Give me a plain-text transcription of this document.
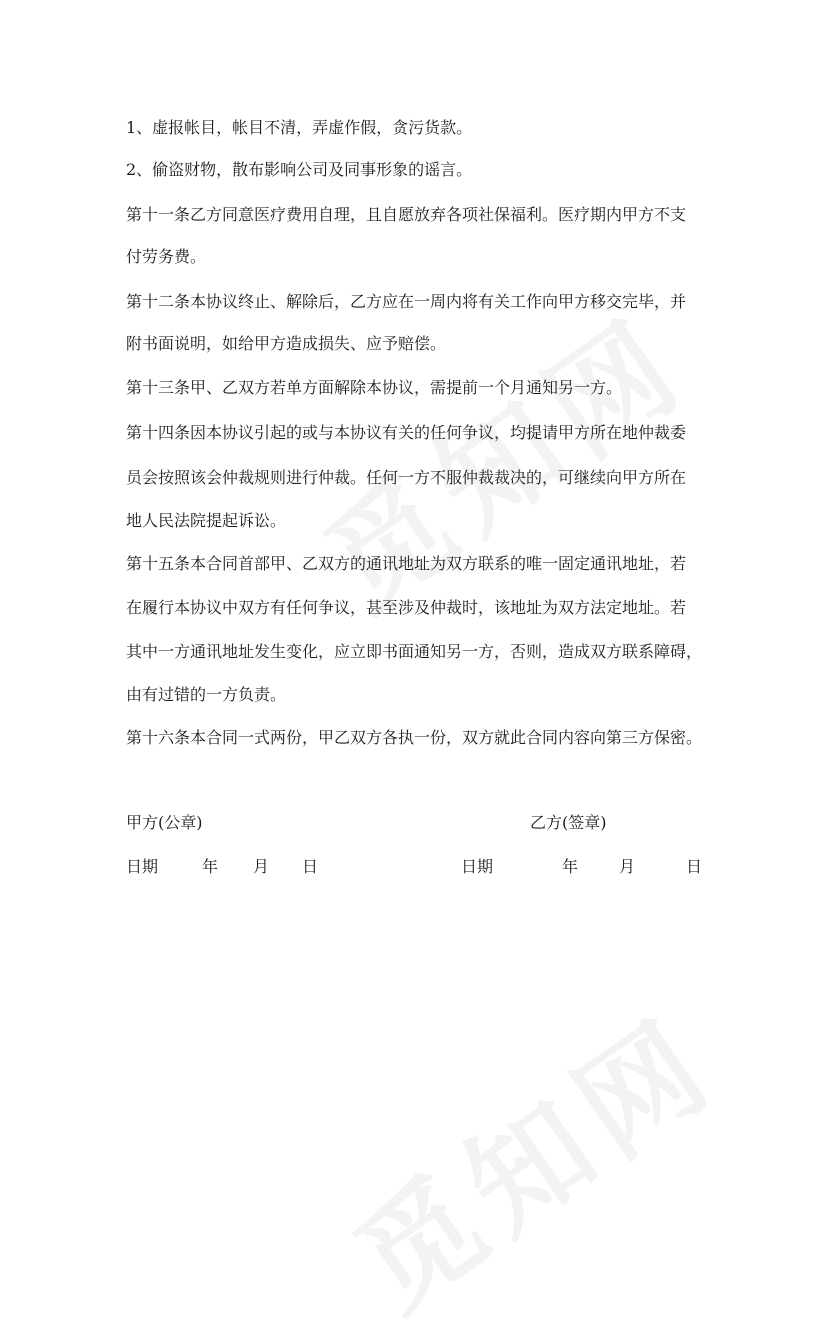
1、虚报帐目，帐目不清，弄虚作假，贪污货款。
2、偷盗财物，散布影响公司及同事形象的谣言。
第十一条乙方同意医疗费用自理，且自愿放弃各项社保福利。医疗期内甲方不支
付劳务费。
第十二条本协议终止、解除后，乙方应在一周内将有关工作向甲方移交完毕，并
附书面说明，如给甲方造成损失、应予赔偿。
第十三条甲、乙双方若单方面解除本协议，需提前一个月通知另一方。
第十四条因本协议引起的或与本协议有关的任何争议，均提请甲方所在地仲裁委
员会按照该会仲裁规则进行仲裁。任何一方不服仲裁裁决的，可继续向甲方所在
地人民法院提起诉讼。
第十五条本合同首部甲、乙双方的通讯地址为双方联系的唯一固定通讯地址，若
在履行本协议中双方有任何争议，甚至涉及仲裁时，该地址为双方法定地址。若
其中一方通讯地址发生变化，应立即书面通知另一方，否则，造成双方联系障碍，
由有过错的一方负责。
第十六条本合同一式两份，甲乙双方各执一份，双方就此合同内容向第三方保密。
甲方(公章)	乙方(签章)
日期	年 月 日	日期	年	月	日
